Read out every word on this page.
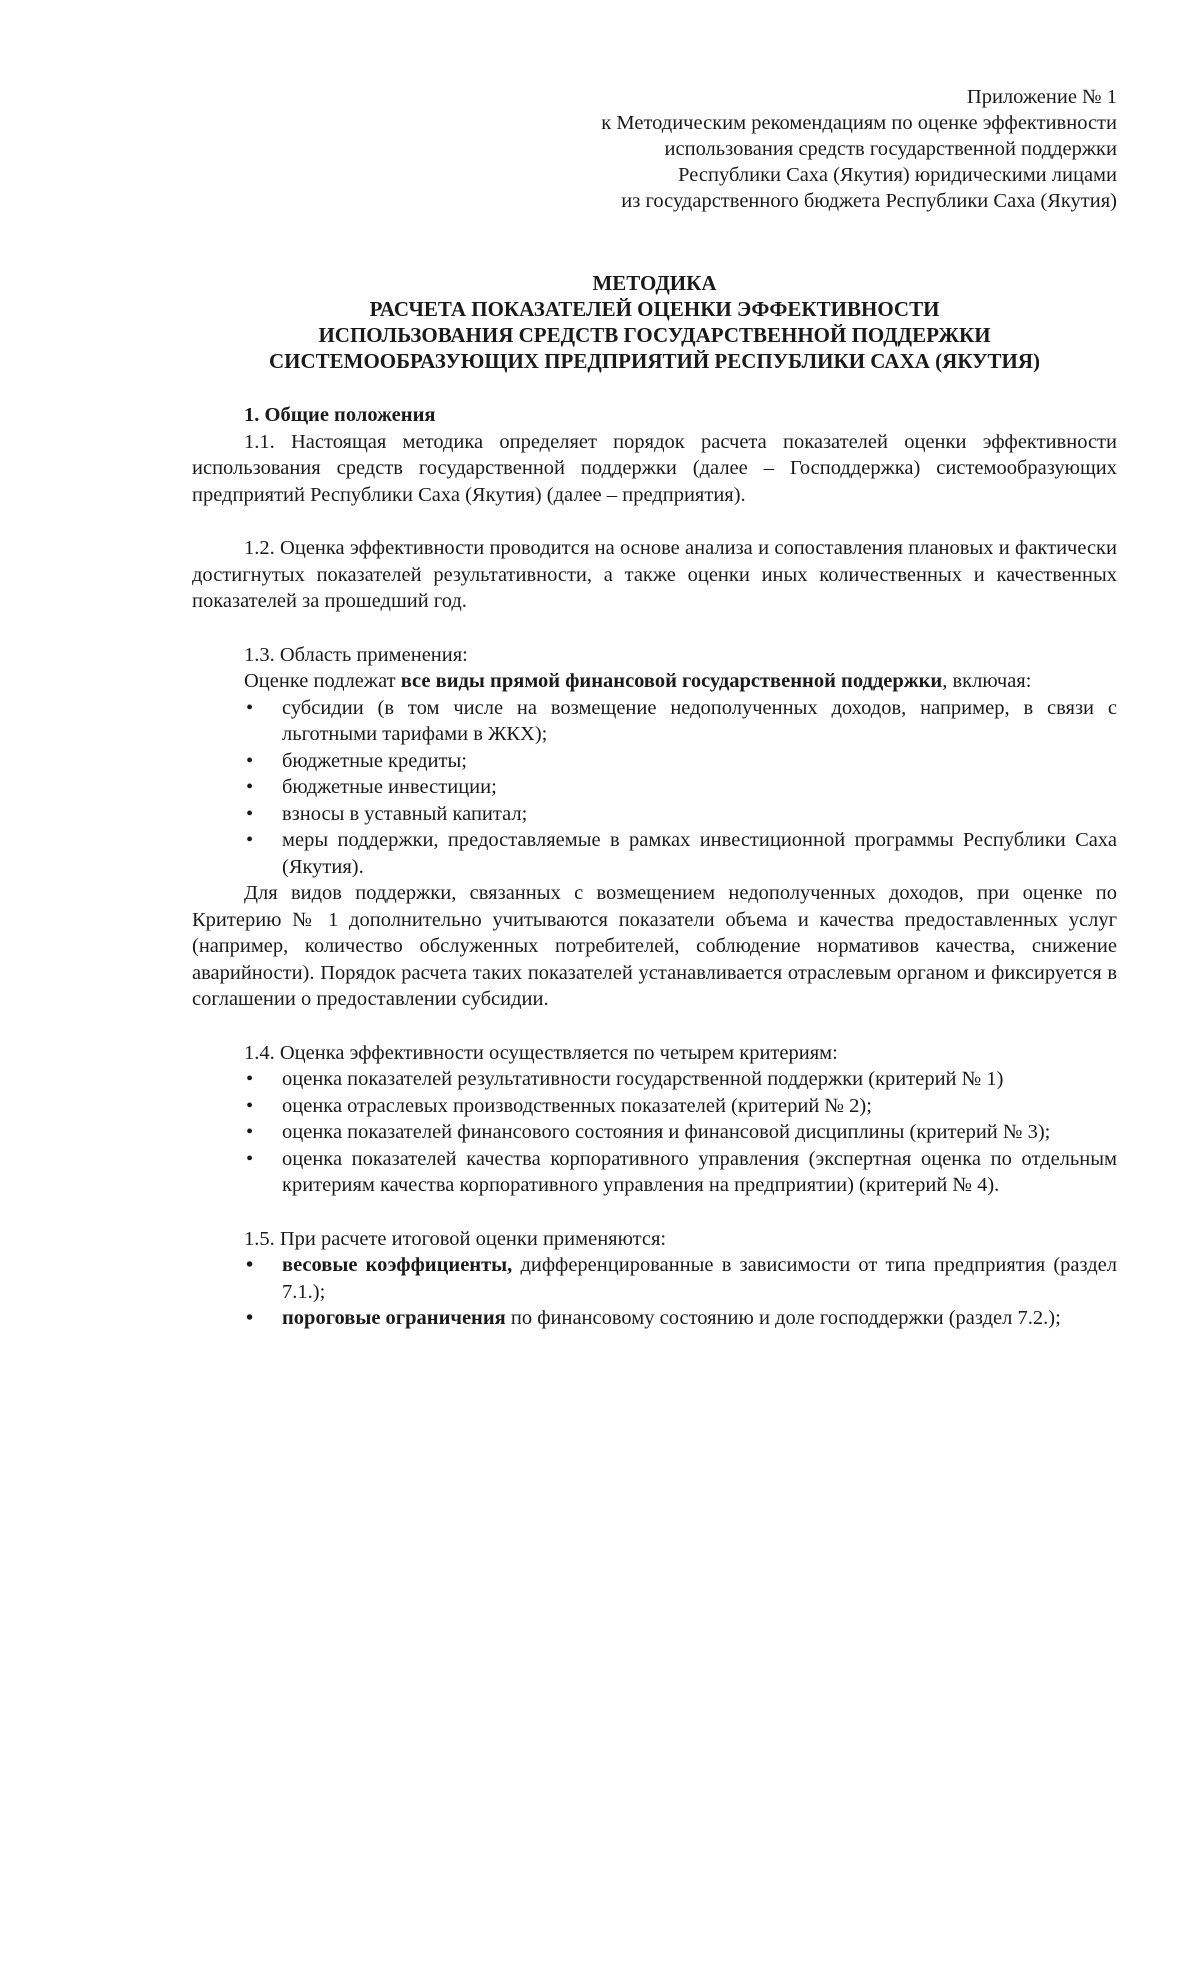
Приложение № 1
к Методическим рекомендациям по оценке эффективности
использования средств государственной поддержки
Республики Саха (Якутия) юридическими лицами
из государственного бюджета Республики Саха (Якутия)
МЕТОДИКА
РАСЧЕТА ПОКАЗАТЕЛЕЙ ОЦЕНКИ ЭФФЕКТИВНОСТИ
ИСПОЛЬЗОВАНИЯ СРЕДСТВ ГОСУДАРСТВЕННОЙ ПОДДЕРЖКИ
СИСТЕМООБРАЗУЮЩИХ ПРЕДПРИЯТИЙ РЕСПУБЛИКИ САХА (ЯКУТИЯ)
1. Общие положения

1.1. Настоящая методика определяет порядок расчета показателей оценки эффективности использования средств государственной поддержки (далее – Господдержка) системообразующих предприятий Республики Саха (Якутия) (далее – предприятия).

1.2. Оценка эффективности проводится на основе анализа и сопоставления плановых и фактически достигнутых показателей результативности, а также оценки иных количественных и качественных показателей за прошедший год.

1.3. Область применения:

Оценке подлежат все виды прямой финансовой государственной поддержки, включая:

• субсидии (в том числе на возмещение недополученных доходов, например, в связи с льготными тарифами в ЖКХ);
• бюджетные кредиты;
• бюджетные инвестиции;
• взносы в уставный капитал;
• меры поддержки, предоставляемые в рамках инвестиционной программы Республики Саха (Якутия).

Для видов поддержки, связанных с возмещением недополученных доходов, при оценке по Критерию № 1 дополнительно учитываются показатели объема и качества предоставленных услуг (например, количество обслуженных потребителей, соблюдение нормативов качества, снижение аварийности). Порядок расчета таких показателей устанавливается отраслевым органом и фиксируется в соглашении о предоставлении субсидии.

1.4. Оценка эффективности осуществляется по четырем критериям:

• оценка показателей результативности государственной поддержки (критерий № 1)
• оценка отраслевых производственных показателей (критерий № 2);
• оценка показателей финансового состояния и финансовой дисциплины (критерий № 3);
• оценка показателей качества корпоративного управления (экспертная оценка по отдельным критериям качества корпоративного управления на предприятии) (критерий № 4).

1.5. При расчете итоговой оценки применяются:

• весовые коэффициенты, дифференцированные в зависимости от типа предприятия (раздел 7.1.);
• пороговые ограничения по финансовому состоянию и доле господдержки (раздел 7.2.);
